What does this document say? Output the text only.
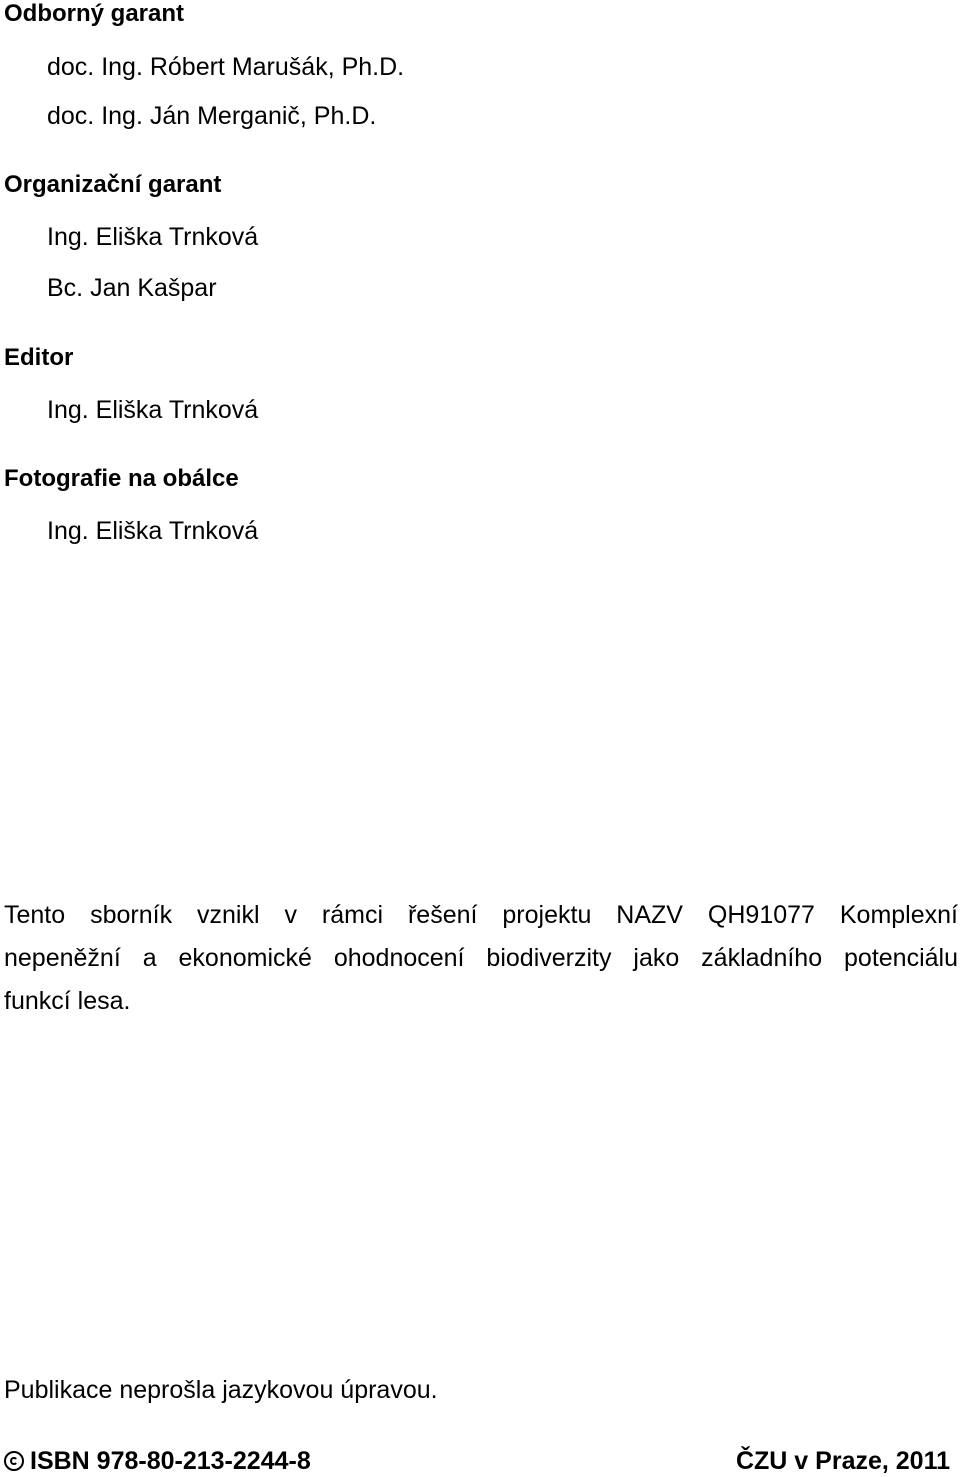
Odborný garant
doc. Ing. Róbert Marušák, Ph.D.
doc. Ing. Ján Merganič, Ph.D.
Organizační garant
Ing. Eliška Trnková
Bc. Jan Kašpar
Editor
Ing. Eliška Trnková
Fotografie na obálce
Ing. Eliška Trnková
Tento sborník vznikl v rámci řešení projektu NAZV QH91077 Komplexní
nepeněžní a ekonomické ohodnocení biodiverzity jako základního potenciálu
funkcí lesa.
Publikace neprošla jazykovou úpravou.
ISBN 978-80-213-2244-8	ČZU v Praze, 2011
